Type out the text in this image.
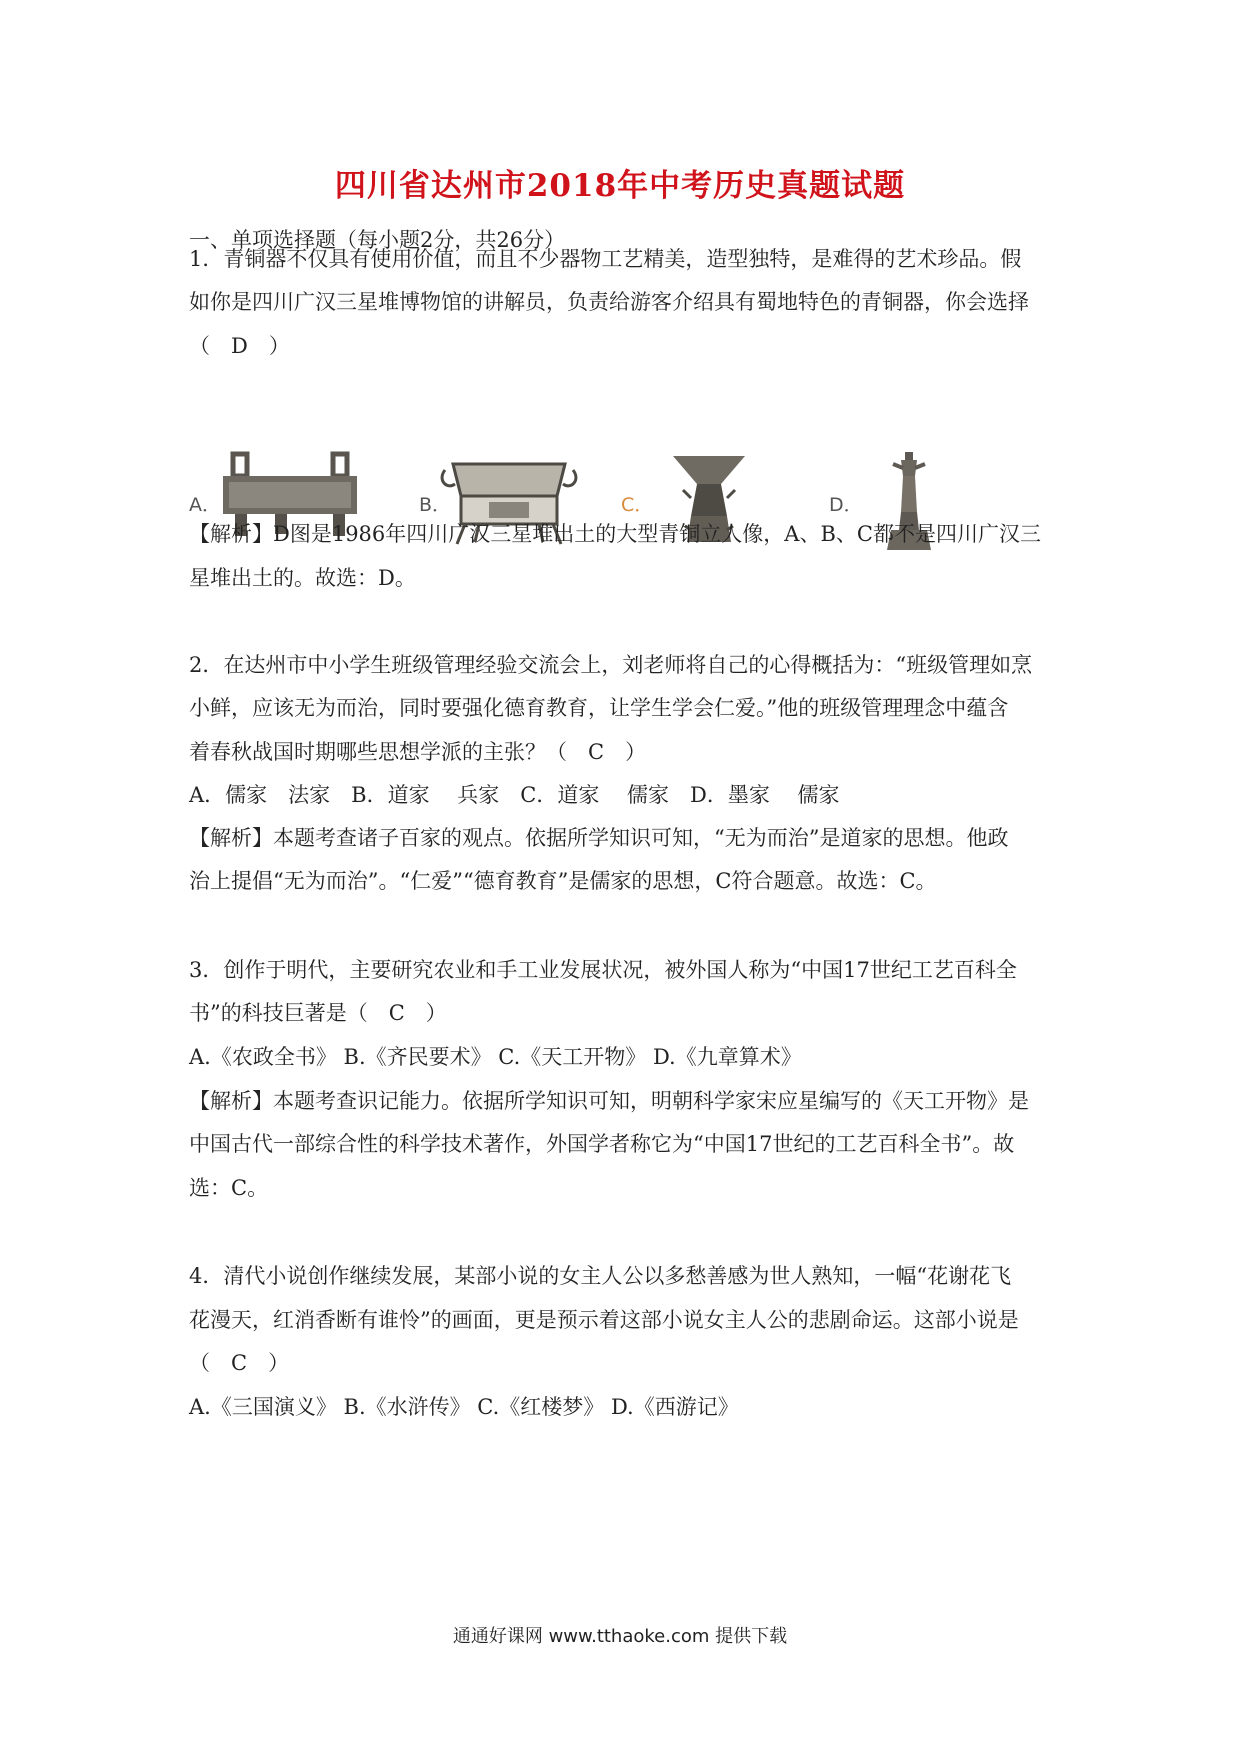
四川省达州市2018年中考历史真题试题
一、单项选择题（每小题2分，共26分）
1．青铜器不仅具有使用价值，而且不少器物工艺精美，造型独特，是难得的艺术珍品。假
如你是四川广汉三星堆博物馆的讲解员，负责给游客介绍具有蜀地特色的青铜器，你会选择
（　D　）
A．	B．	C．	D．
【解析】D图是1986年四川广汉三星堆出土的大型青铜立人像，A、B、C都不是四川广汉三
星堆出土的。故选：D。
2．在达州市中小学生班级管理经验交流会上，刘老师将自己的心得概括为：“班级管理如烹
小鲜，应该无为而治，同时要强化德育教育，让学生学会仁爱。”他的班级管理理念中蕴含
着春秋战国时期哪些思想学派的主张？（　C　）
A．儒家　法家　B．道家　 兵家　C．道家　 儒家　D．墨家　 儒家
【解析】本题考查诸子百家的观点。依据所学知识可知，“无为而治”是道家的思想。他政
治上提倡“无为而治”。“仁爱”“德育教育”是儒家的思想，C符合题意。故选：C。
3．创作于明代，主要研究农业和手工业发展状况，被外国人称为“中国17世纪工艺百科全
书”的科技巨著是（　C　）
A.《农政全书》 B.《齐民要术》 C.《天工开物》 D.《九章算术》
【解析】本题考查识记能力。依据所学知识可知，明朝科学家宋应星编写的《天工开物》是
中国古代一部综合性的科学技术著作，外国学者称它为“中国17世纪的工艺百科全书”。故
选：C。
4．清代小说创作继续发展，某部小说的女主人公以多愁善感为世人熟知，一幅“花谢花飞
花漫天，红消香断有谁怜”的画面，更是预示着这部小说女主人公的悲剧命运。这部小说是
（　C　）
A.《三国演义》 B.《水浒传》 C.《红楼梦》 D.《西游记》
通通好课网 www.tthaoke.com 提供下载
